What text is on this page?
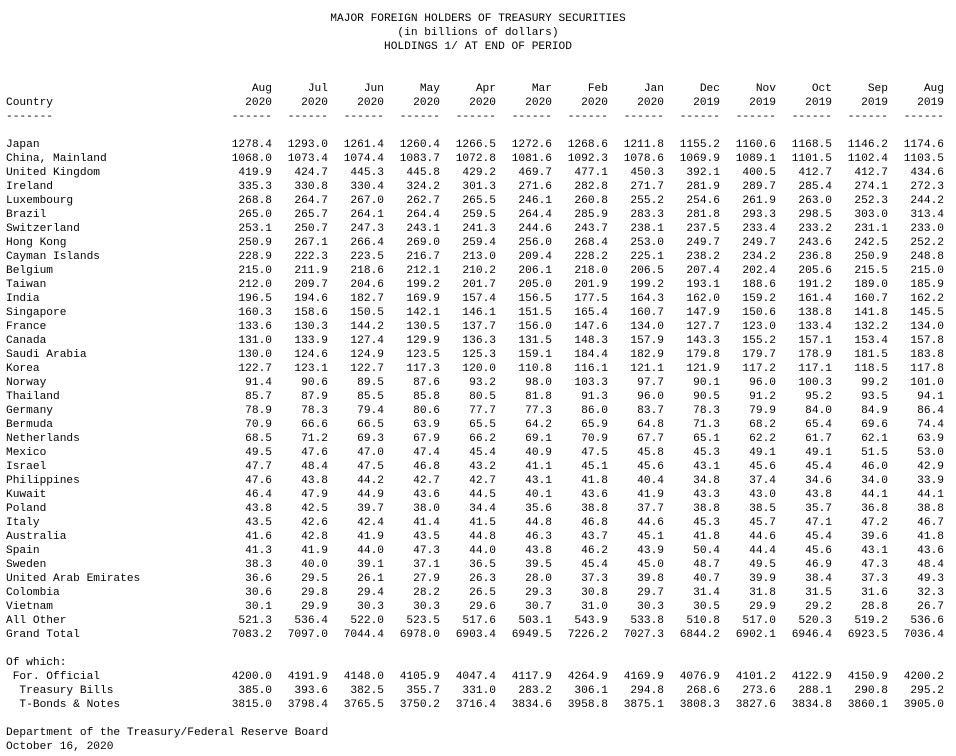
MAJOR FOREIGN HOLDERS OF TREASURY SECURITIES
(in billions of dollars)
HOLDINGS 1/ AT END OF PERIOD
Aug	Jul	Jun	May	Apr	Mar	Feb	Jan	Dec	Nov	Oct	Sep	Aug
Country	2020	2020	2020	2020	2020	2020	2020	2020	2019	2019	2019	2019	2019
-------	------	------	------	------	------	------	------	------	------	------	------	------	------
Japan	1278.4	1293.0	1261.4	1260.4	1266.5	1272.6	1268.6	1211.8	1155.2	1160.6	1168.5	1146.2	1174.6
China, Mainland	1068.0	1073.4	1074.4	1083.7	1072.8	1081.6	1092.3	1078.6	1069.9	1089.1	1101.5	1102.4	1103.5
United Kingdom	419.9	424.7	445.3	445.8	429.2	469.7	477.1	450.3	392.1	400.5	412.7	412.7	434.6
Ireland	335.3	330.8	330.4	324.2	301.3	271.6	282.8	271.7	281.9	289.7	285.4	274.1	272.3
Luxembourg	268.8	264.7	267.0	262.7	265.5	246.1	260.8	255.2	254.6	261.9	263.0	252.3	244.2
Brazil	265.0	265.7	264.1	264.4	259.5	264.4	285.9	283.3	281.8	293.3	298.5	303.0	313.4
Switzerland	253.1	250.7	247.3	243.1	241.3	244.6	243.7	238.1	237.5	233.4	233.2	231.1	233.0
Hong Kong	250.9	267.1	266.4	269.0	259.4	256.0	268.4	253.0	249.7	249.7	243.6	242.5	252.2
Cayman Islands	228.9	222.3	223.5	216.7	213.0	209.4	228.2	225.1	238.2	234.2	236.8	250.9	248.8
Belgium	215.0	211.9	218.6	212.1	210.2	206.1	218.0	206.5	207.4	202.4	205.6	215.5	215.0
Taiwan	212.0	209.7	204.6	199.2	201.7	205.0	201.9	199.2	193.1	188.6	191.2	189.0	185.9
India	196.5	194.6	182.7	169.9	157.4	156.5	177.5	164.3	162.0	159.2	161.4	160.7	162.2
Singapore	160.3	158.6	150.5	142.1	146.1	151.5	165.4	160.7	147.9	150.6	138.8	141.8	145.5
France	133.6	130.3	144.2	130.5	137.7	156.0	147.6	134.0	127.7	123.0	133.4	132.2	134.0
Canada	131.0	133.9	127.4	129.9	136.3	131.5	148.3	157.9	143.3	155.2	157.1	153.4	157.8
Saudi Arabia	130.0	124.6	124.9	123.5	125.3	159.1	184.4	182.9	179.8	179.7	178.9	181.5	183.8
Korea	122.7	123.1	122.7	117.3	120.0	110.8	116.1	121.1	121.9	117.2	117.1	118.5	117.8
Norway	91.4	90.6	89.5	87.6	93.2	98.0	103.3	97.7	90.1	96.0	100.3	99.2	101.0
Thailand	85.7	87.9	85.5	85.8	80.5	81.8	91.3	96.0	90.5	91.2	95.2	93.5	94.1
Germany	78.9	78.3	79.4	80.6	77.7	77.3	86.0	83.7	78.3	79.9	84.0	84.9	86.4
Bermuda	70.9	66.6	66.5	63.9	65.5	64.2	65.9	64.8	71.3	68.2	65.4	69.6	74.4
Netherlands	68.5	71.2	69.3	67.9	66.2	69.1	70.9	67.7	65.1	62.2	61.7	62.1	63.9
Mexico	49.5	47.6	47.0	47.4	45.4	40.9	47.5	45.8	45.3	49.1	49.1	51.5	53.0
Israel	47.7	48.4	47.5	46.8	43.2	41.1	45.1	45.6	43.1	45.6	45.4	46.0	42.9
Philippines	47.6	43.8	44.2	42.7	42.7	43.1	41.8	40.4	34.8	37.4	34.6	34.0	33.9
Kuwait	46.4	47.9	44.9	43.6	44.5	40.1	43.6	41.9	43.3	43.0	43.8	44.1	44.1
Poland	43.8	42.5	39.7	38.0	34.4	35.6	38.8	37.7	38.8	38.5	35.7	36.8	38.8
Italy	43.5	42.6	42.4	41.4	41.5	44.8	46.8	44.6	45.3	45.7	47.1	47.2	46.7
Australia	41.6	42.8	41.9	43.5	44.8	46.3	43.7	45.1	41.8	44.6	45.4	39.6	41.8
Spain	41.3	41.9	44.0	47.3	44.0	43.8	46.2	43.9	50.4	44.4	45.6	43.1	43.6
Sweden	38.3	40.0	39.1	37.1	36.5	39.5	45.4	45.0	48.7	49.5	46.9	47.3	48.4
United Arab Emirates	36.6	29.5	26.1	27.9	26.3	28.0	37.3	39.8	40.7	39.9	38.4	37.3	49.3
Colombia	30.6	29.8	29.4	28.2	26.5	29.3	30.8	29.7	31.4	31.8	31.5	31.6	32.3
Vietnam	30.1	29.9	30.3	30.3	29.6	30.7	31.0	30.3	30.5	29.9	29.2	28.8	26.7
All Other	521.3	536.4	522.0	523.5	517.6	503.1	543.9	533.8	510.8	517.0	520.3	519.2	536.6
Grand Total	7083.2	7097.0	7044.4	6978.0	6903.4	6949.5	7226.2	7027.3	6844.2	6902.1	6946.4	6923.5	7036.4
Of which:
For. Official	4200.0	4191.9	4148.0	4105.9	4047.4	4117.9	4264.9	4169.9	4076.9	4101.2	4122.9	4150.9	4200.2
Treasury Bills	385.0	393.6	382.5	355.7	331.0	283.2	306.1	294.8	268.6	273.6	288.1	290.8	295.2
T-Bonds & Notes	3815.0	3798.4	3765.5	3750.2	3716.4	3834.6	3958.8	3875.1	3808.3	3827.6	3834.8	3860.1	3905.0
Department of the Treasury/Federal Reserve Board
October 16, 2020
